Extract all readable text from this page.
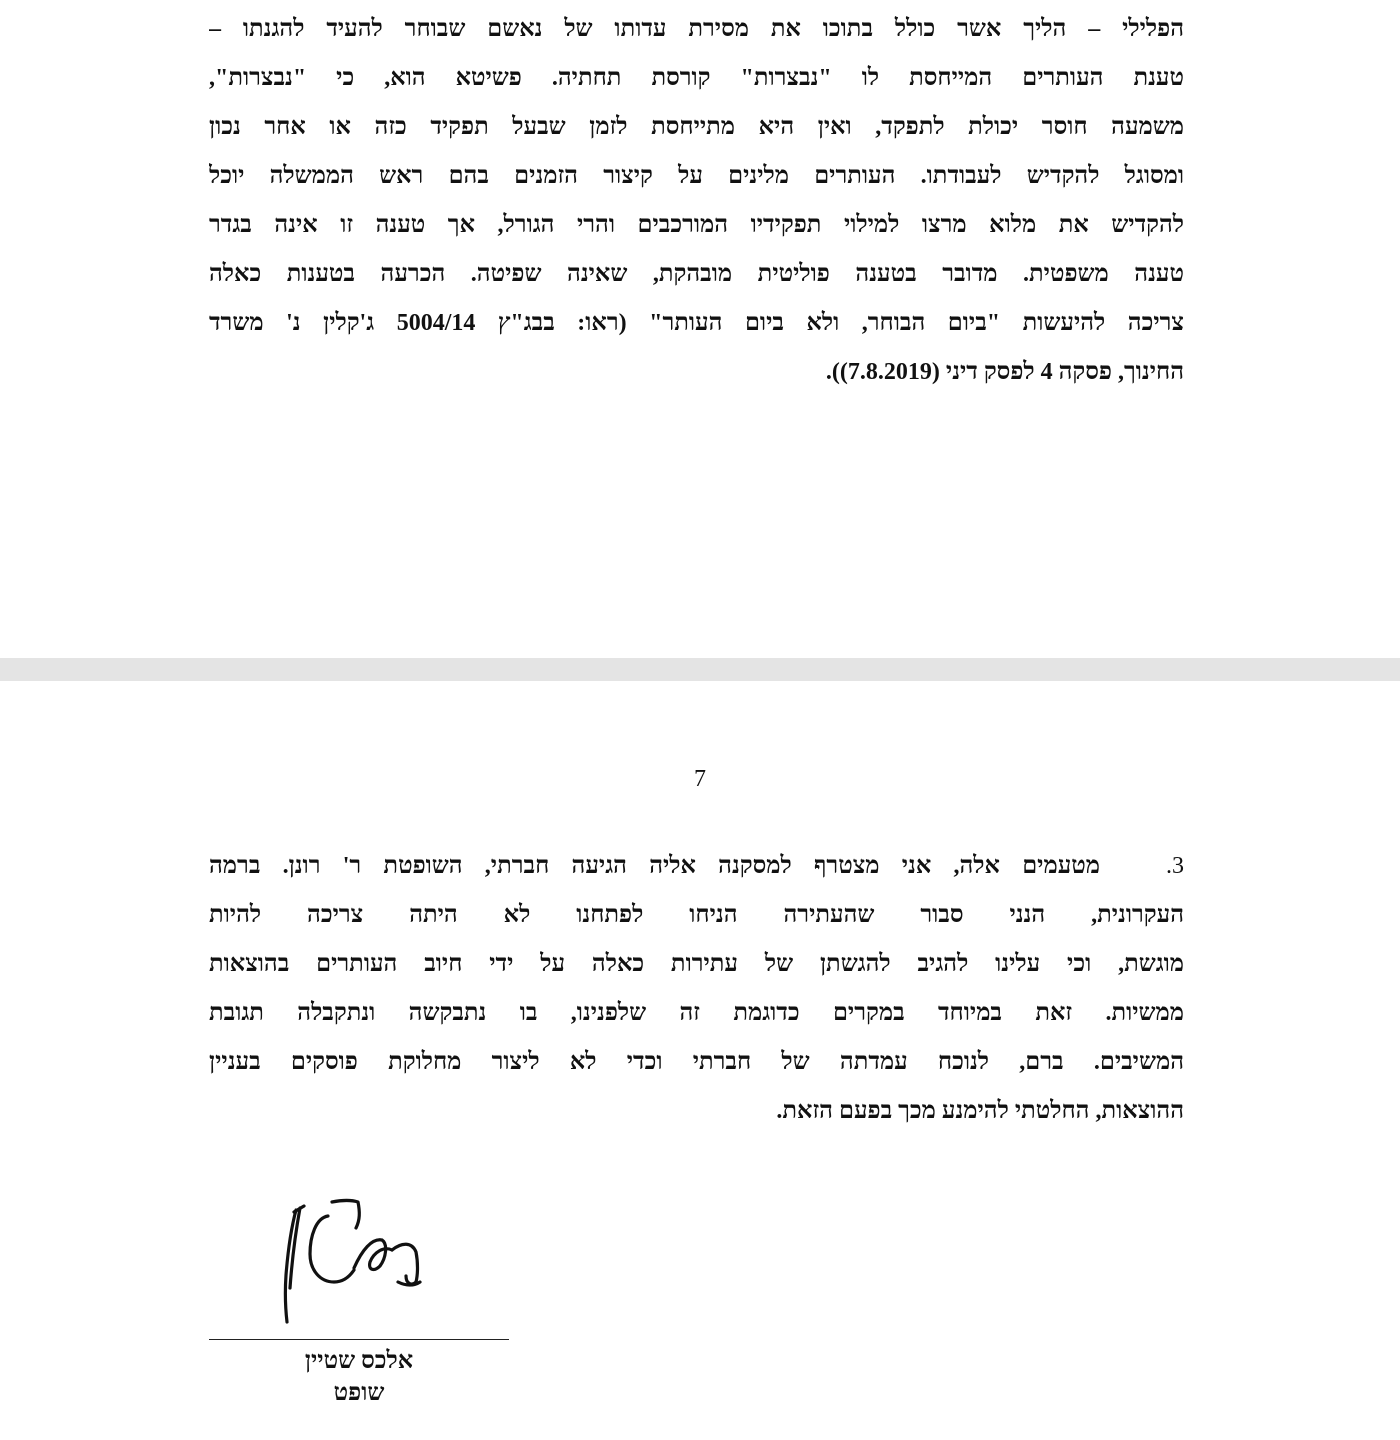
הפלילי – הליך אשר כולל בתוכו את מסירת עדותו של נאשם שבוחר להעיד להגנתו –
טענת העותרים המייחסת לו "נבצרות" קורסת תחתיה. פשיטא הוא, כי "נבצרות",
משמעה חוסר יכולת לתפקד, ואין היא מתייחסת לזמן שבעל תפקיד כזה או אחר נכון
ומסוגל להקדיש לעבודתו. העותרים מלינים על קיצור הזמנים בהם ראש הממשלה יוכל
להקדיש את מלוא מרצו למילוי תפקידיו המורכבים והרי הגורל, אך טענה זו אינה בגדר
טענה משפטית. מדובר בטענה פוליטית מובהקת, שאינה שפיטה. הכרעה בטענות כאלה
צריכה להיעשות "ביום הבוחר, ולא ביום העותר" (ראו: בבג"ץ 5004/14 ג'קלין נ' משרד
החינוך, פסקה 4 לפסק דיני (7.8.2019)).
7
3.מטעמים אלה, אני מצטרף למסקנה אליה הגיעה חברתי, השופטת ר' רונן. ברמה
העקרונית, הנני סבור שהעתירה הניחו לפתחנו לא היתה צריכה להיות
מוגשת, וכי עלינו להגיב להגשתן של עתירות כאלה על ידי חיוב העותרים בהוצאות
ממשיות. זאת במיוחד במקרים כדוגמת זה שלפנינו, בו נתבקשה ונתקבלה תגובת
המשיבים. ברם, לנוכח עמדתה של חברתי וכדי לא ליצור מחלוקת פוסקים בעניין
ההוצאות, החלטתי להימנע מכך בפעם הזאת.
אלכס שטיין
שופט
